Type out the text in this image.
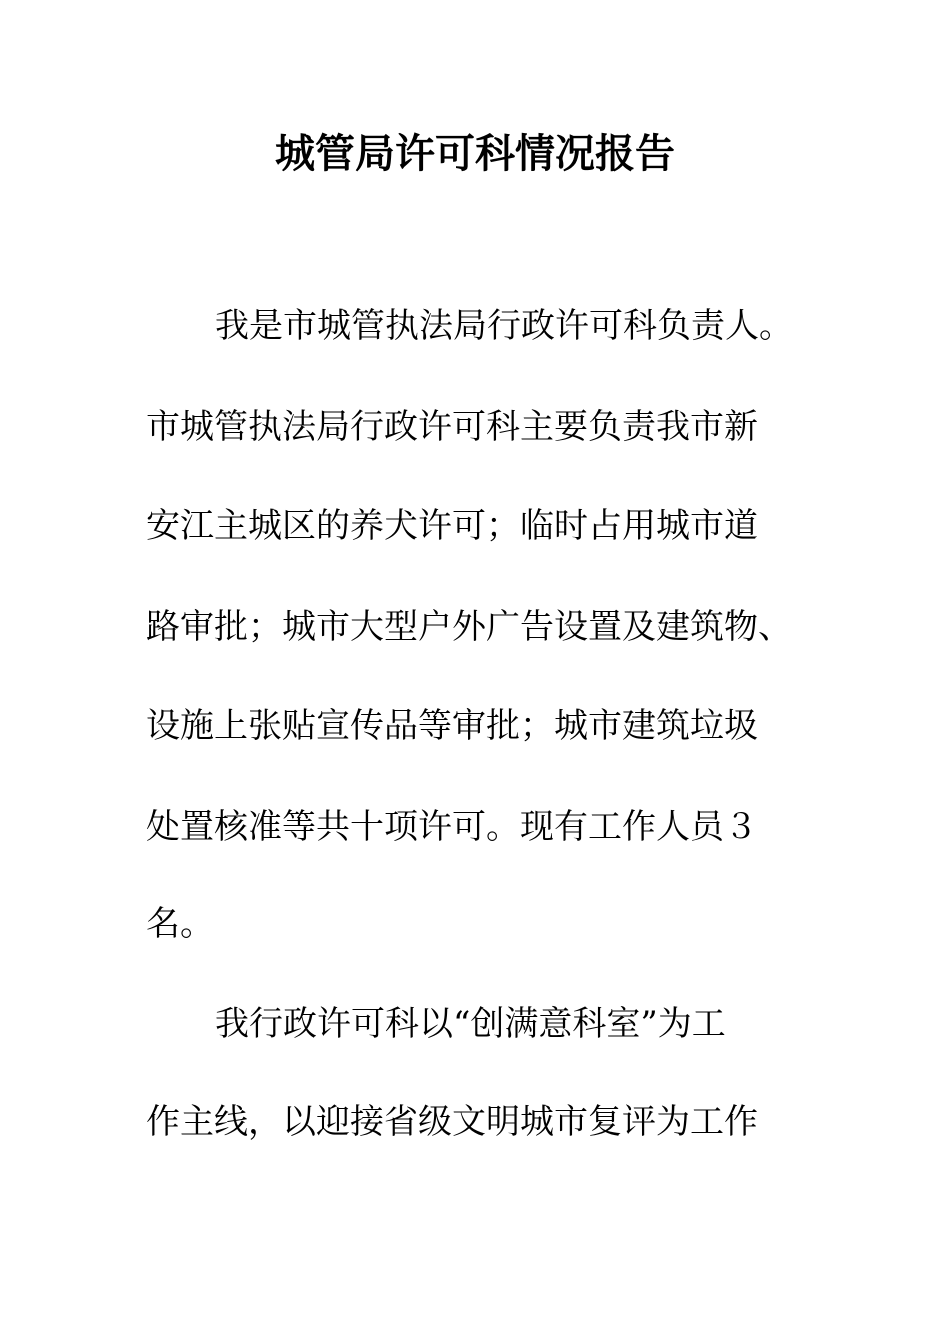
城管局许可科情况报告

我是市城管执法局行政许可科负责人。

市城管执法局行政许可科主要负责我市新

安江主城区的养犬许可；临时占用城市道

路审批；城市大型户外广告设置及建筑物、

设施上张贴宣传品等审批；城市建筑垃圾

处置核准等共十项许可。现有工作人员３

名。

我行政许可科以“创满意科室”为工

作主线，以迎接省级文明城市复评为工作
